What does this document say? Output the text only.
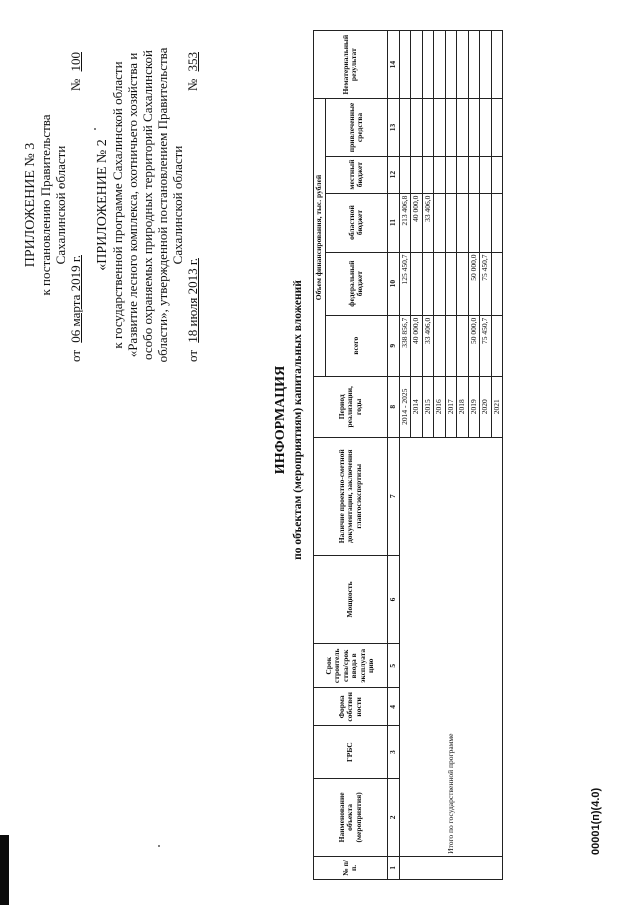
ПРИЛОЖЕНИЕ № 3 к постановлению Правительства Сахалинской области
от 06 марта 2019 г.
№ 100
«ПРИЛОЖЕНИЕ № 2 к государственной программе Сахалинской области «Развитие лесного комплекса, охотничьего хозяйства и особо охраняемых природных территорий Сахалинской области», утвержденной постановлением Правительства Сахалинской области
от 18 июля 2013 г.
№ 353
ИНФОРМАЦИЯ по объектам (мероприятиям) капитальных вложений
№ п/п.	Наименование объекта (мероприятия)	ГРБС	Форма собствен ности	Срок строитель ства/срок ввода в эксплуата цию	Мощность	Наличие проектно-сметной документации, заключения главгосэкспертизы	Период реализации, годы	Объем финансирования, тыс. рублей					Нематериальный результат
								всего	федеральный бюджет	областной бюджет	местный бюджет	привлеченные средства	
1	2	3	4	5	6	7	8	9	10	11	12	13	14
	Итого по государственной программе						2014 - 2025	338 856,7	125 450,7	213 406,8			
							2014	40 000,0		40 000,0			
							2015	33 406,0		33 406,0			
							2016						
							2017						
							2018						
							2019	50 000,0	50 000,0				
							2020	75 450,7	75 450,7				
							2021						
00001(п)(4.0)
